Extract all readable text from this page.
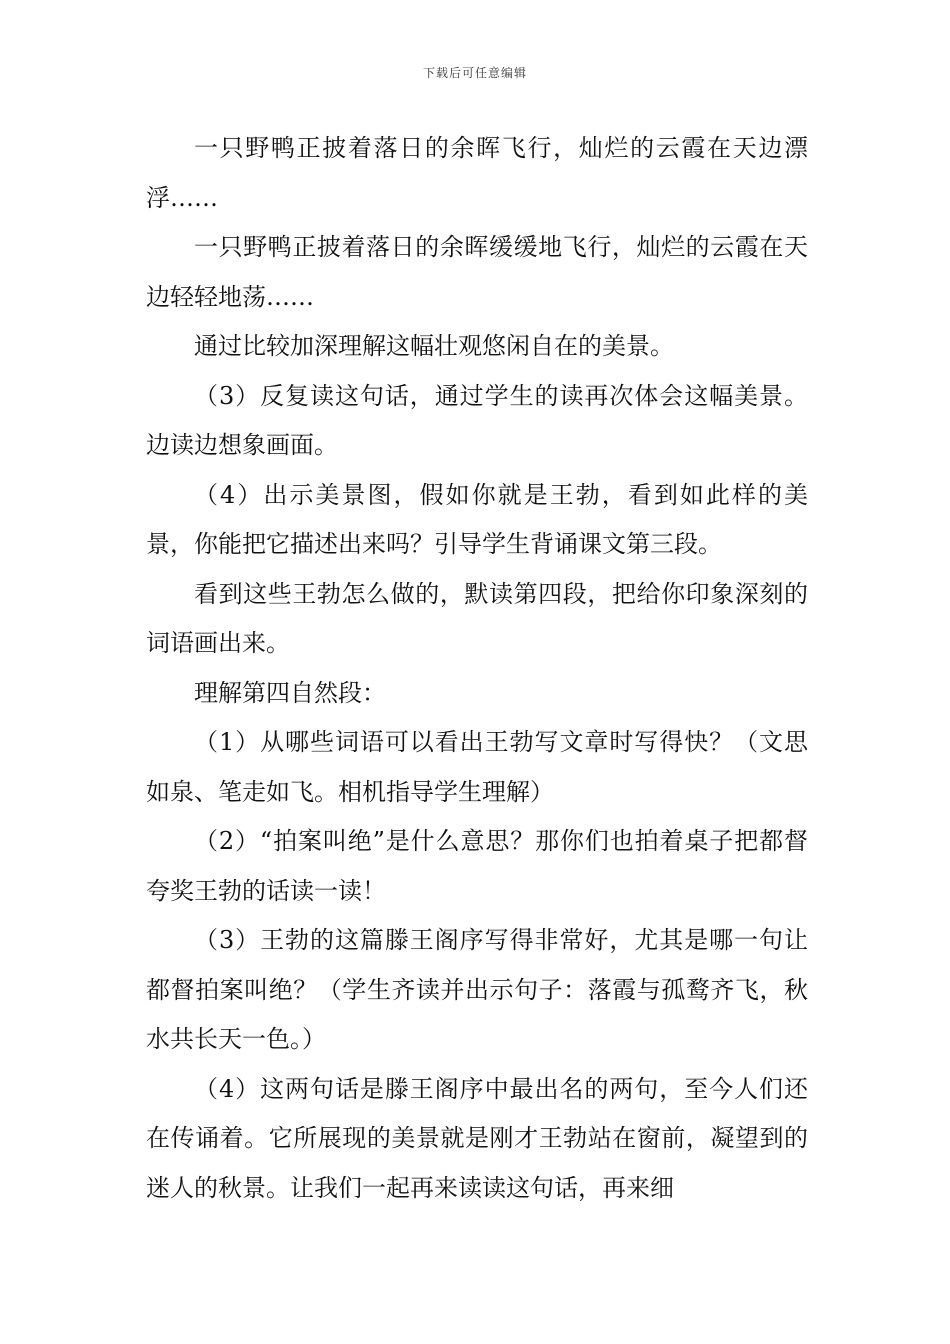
下载后可任意编辑

一只野鸭正披着落日的余晖飞行，灿烂的云霞在天边漂浮……

一只野鸭正披着落日的余晖缓缓地飞行，灿烂的云霞在天边轻轻地荡……

通过比较加深理解这幅壮观悠闲自在的美景。

（3）反复读这句话，通过学生的读再次体会这幅美景。边读边想象画面。

（4）出示美景图，假如你就是王勃，看到如此样的美景，你能把它描述出来吗？引导学生背诵课文第三段。

看到这些王勃怎么做的，默读第四段，把给你印象深刻的词语画出来。

理解第四自然段：

（1）从哪些词语可以看出王勃写文章时写得快？（文思如泉、笔走如飞。相机指导学生理解）

（2）“拍案叫绝”是什么意思？那你们也拍着桌子把都督夸奖王勃的话读一读！

（3）王勃的这篇滕王阁序写得非常好，尤其是哪一句让都督拍案叫绝？（学生齐读并出示句子：落霞与孤鹜齐飞，秋水共长天一色。）

（4）这两句话是滕王阁序中最出名的两句，至今人们还在传诵着。它所展现的美景就是刚才王勃站在窗前，凝望到的迷人的秋景。让我们一起再来读读这句话，再来细
